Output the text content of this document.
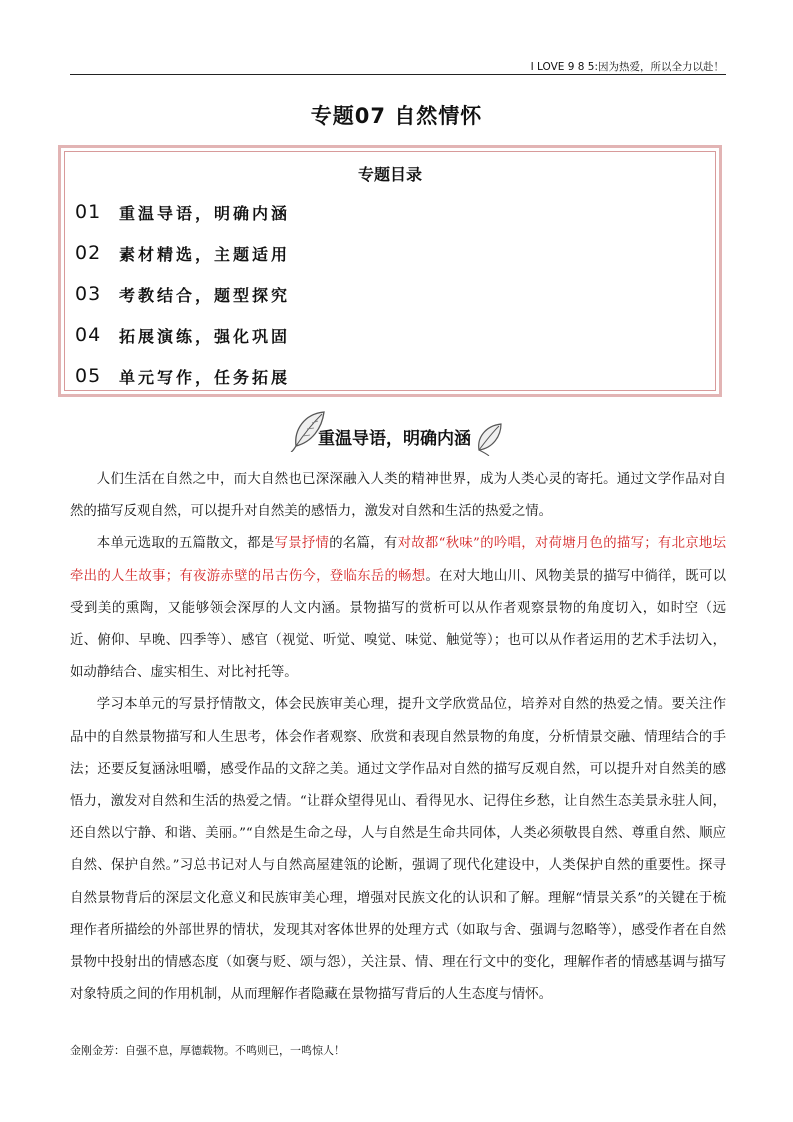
I LOVE 9 8 5:因为热爱，所以全力以赴！
专题07 自然情怀
专题目录
01	重温导语，明确内涵
02	素材精选，主题适用
03	考教结合，题型探究
04	拓展演练，强化巩固
05	单元写作，任务拓展
重温导语，明确内涵

人们生活在自然之中，而大自然也已深深融入人类的精神世界，成为人类心灵的寄托。通过文学作品对自然的描写反观自然，可以提升对自然美的感悟力，激发对自然和生活的热爱之情。

本单元选取的五篇散文，都是写景抒情的名篇，有对故都“秋味”的吟唱，对荷塘月色的描写；有北京地坛牵出的人生故事；有夜游赤壁的吊古伤今，登临东岳的畅想。在对大地山川、风物美景的描写中徜徉，既可以受到美的熏陶，又能够领会深厚的人文内涵。景物描写的赏析可以从作者观察景物的角度切入，如时空（远近、俯仰、早晚、四季等）、感官（视觉、听觉、嗅觉、味觉、触觉等）；也可以从作者运用的艺术手法切入，如动静结合、虚实相生、对比衬托等。

学习本单元的写景抒情散文，体会民族审美心理，提升文学欣赏品位，培养对自然的热爱之情。要关注作品中的自然景物描写和人生思考，体会作者观察、欣赏和表现自然景物的角度，分析情景交融、情理结合的手法；还要反复涵泳咀嚼，感受作品的文辞之美。通过文学作品对自然的描写反观自然，可以提升对自然美的感悟力，激发对自然和生活的热爱之情。“让群众望得见山、看得见水、记得住乡愁，让自然生态美景永驻人间，还自然以宁静、和谐、美丽。”“自然是生命之母，人与自然是生命共同体，人类必须敬畏自然、尊重自然、顺应自然、保护自然。”习总书记对人与自然高屋建瓴的论断，强调了现代化建设中，人类保护自然的重要性。探寻自然景物背后的深层文化意义和民族审美心理，增强对民族文化的认识和了解。理解“情景关系”的关键在于梳理作者所描绘的外部世界的情状，发现其对客体世界的处理方式（如取与舍、强调与忽略等），感受作者在自然景物中投射出的情感态度（如褒与贬、颂与怨），关注景、情、理在行文中的变化，理解作者的情感基调与描写对象特质之间的作用机制，从而理解作者隐藏在景物描写背后的人生态度与情怀。

金刚金芳：自强不息，厚德载物。不鸣则已，一鸣惊人！
